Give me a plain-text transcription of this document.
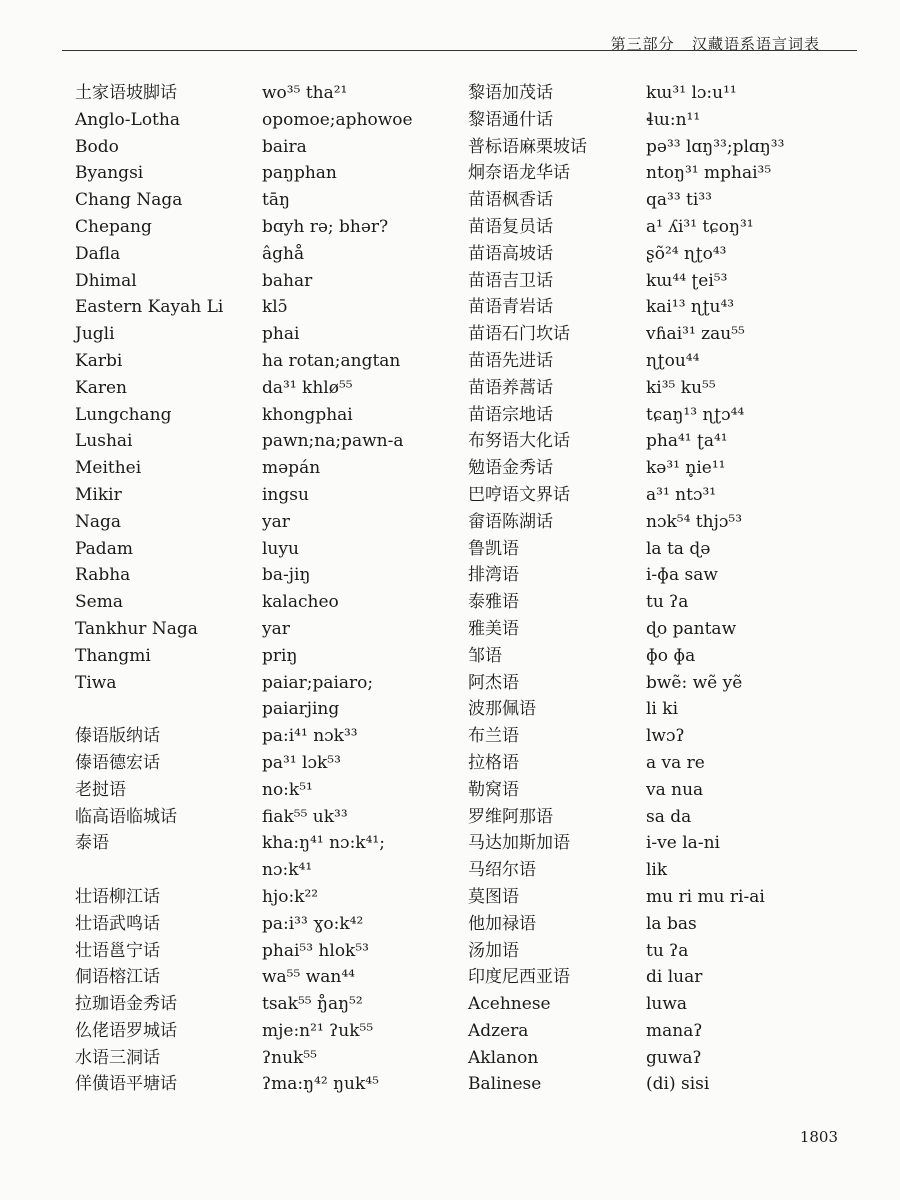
第三部分 汉藏语系语言词表
土家语坡脚话
Anglo-Lotha
Bodo
Byangsi
Chang Naga
Chepang
Dafla
Dhimal
Eastern Kayah Li
Jugli
Karbi
Karen
Lungchang
Lushai
Meithei
Mikir
Naga
Padam
Rabha
Sema
Tankhur Naga
Thangmi
Tiwa
傣语版纳话
傣语德宏话
老挝语
临高语临城话
泰语
壮语柳江话
壮语武鸣话
壮语邕宁话
侗语榕江话
拉珈语金秀话
仫佬语罗城话
水语三洞话
佯僙语平塘话
wo³⁵ tha²¹
opomoe;aphowoe
baira
paŋphan
tāŋ
bɑyh rə; bhər?
âghå
bahar
klɔ̄
phai
ha rotan;angtan
da³¹ khlø⁵⁵
khongphai
pawn;na;pawn-a
məpán
ingsu
yar
luyu
ba-jiŋ
kalacheo
yar
priŋ
paiar;paiaro;
paiarjing
pa:i⁴¹ nɔk³³
pa³¹ lɔk⁵³
no:k⁵¹
fiak⁵⁵ uk³³
kha:ŋ⁴¹ nɔ:k⁴¹;
nɔ:k⁴¹
hjo:k²²
pa:i³³ ɣo:k⁴²
phai⁵³ hlok⁵³
wa⁵⁵ wan⁴⁴
tsak⁵⁵ ŋ̊aŋ⁵²
mje:n²¹ ʔuk⁵⁵
ʔnuk⁵⁵
ʔma:ŋ⁴² ŋuk⁴⁵
黎语加茂话
黎语通什话
普标语麻栗坡话
炯奈语龙华话
苗语枫香话
苗语复员话
苗语高坡话
苗语吉卫话
苗语青岩话
苗语石门坎话
苗语先进话
苗语养蒿话
苗语宗地话
布努语大化话
勉语金秀话
巴哼语文界话
畲语陈湖话
鲁凯语
排湾语
泰雅语
雅美语
邹语
阿杰语
波那佩语
布兰语
拉格语
勒窝语
罗维阿那语
马达加斯加语
马绍尔语
莫图语
他加禄语
汤加语
印度尼西亚语
Acehnese
Adzera
Aklanon
Balinese
kɯ³¹ lɔ:u¹¹
ɬɯ:n¹¹
pə³³ lɑŋ³³;plɑŋ³³
ntoŋ³¹ mphai³⁵
qa³³ ti³³
a¹ ʎi³¹ tɕoŋ³¹
ʂõ²⁴ ɳʈo⁴³
kɯ⁴⁴ ʈei⁵³
kai¹³ ɳʈu⁴³
vɦai³¹ zau⁵⁵
ɳʈou⁴⁴
ki³⁵ ku⁵⁵
tɕaŋ¹³ ɳʈɔ⁴⁴
pha⁴¹ ʈa⁴¹
kə³¹ n̥ie¹¹
a³¹ ntɔ³¹
nɔk⁵⁴ thjɔ⁵³
la ta ɖə
i-ɸa saw
tu ʔa
ɖo pantaw
ɸo ɸa
bwẽ: wẽ yẽ
li ki
lwɔʔ
a va re
va nua
sa da
i-ve la-ni
lik
mu ri mu ri-ai
la bas
tu ʔa
di luar
luwa
manaʔ
guwaʔ
(di) sisi
1803
